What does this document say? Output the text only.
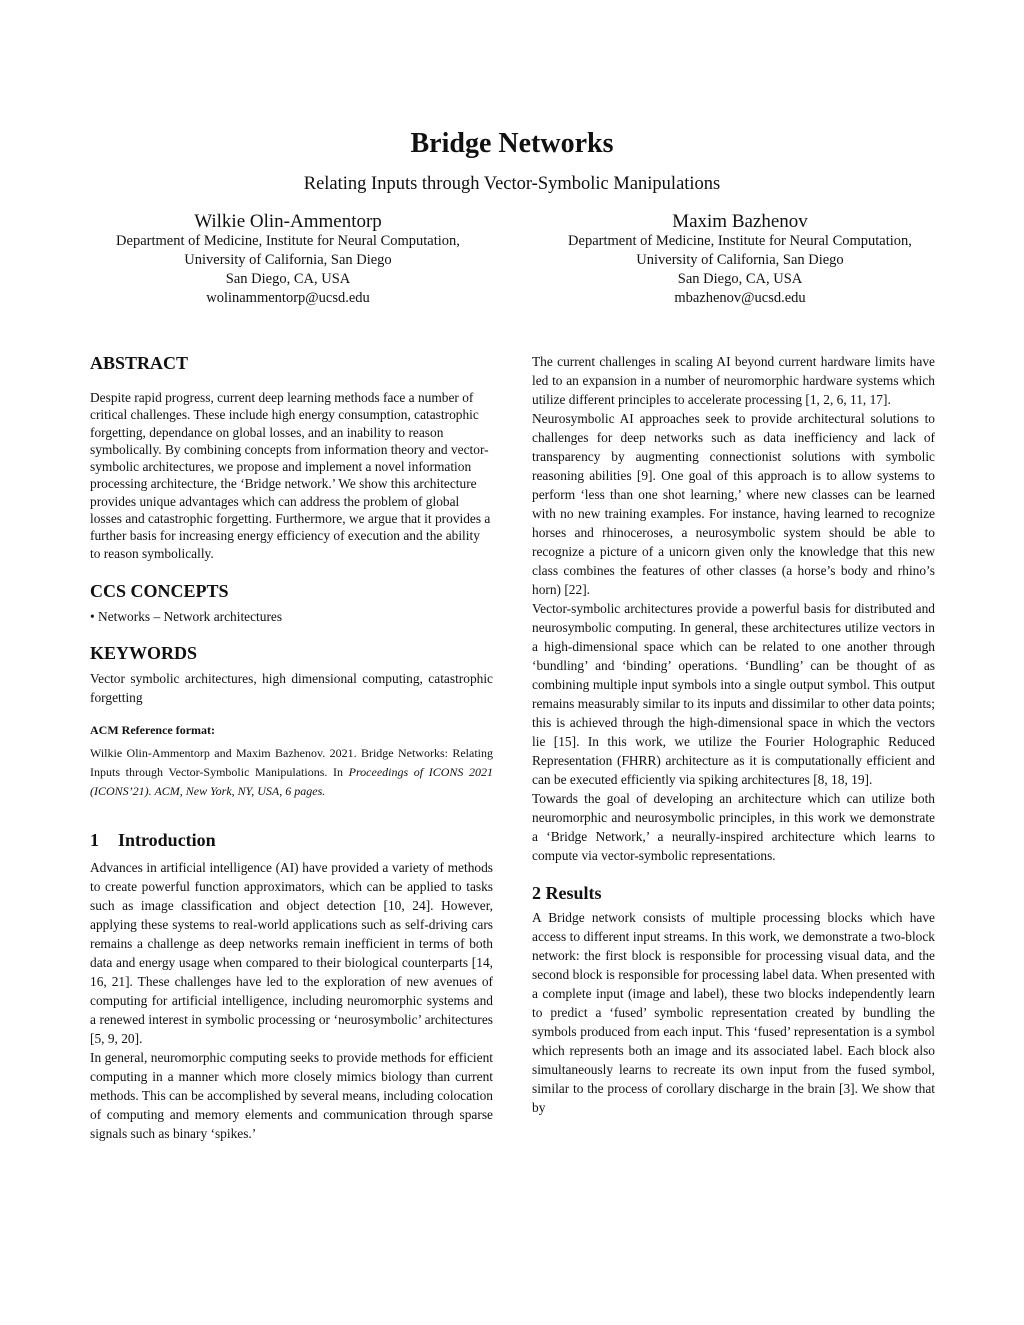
Bridge Networks
Relating Inputs through Vector-Symbolic Manipulations
Wilkie Olin-Ammentorp
Department of Medicine, Institute for Neural Computation,
University of California, San Diego
San Diego, CA, USA
wolinammentorp@ucsd.edu
Maxim Bazhenov
Department of Medicine, Institute for Neural Computation,
University of California, San Diego
San Diego, CA, USA
mbazhenov@ucsd.edu
ABSTRACT

Despite rapid progress, current deep learning methods face a number of critical challenges. These include high energy consumption, catastrophic forgetting, dependance on global losses, and an inability to reason symbolically. By combining concepts from information theory and vector-symbolic architectures, we propose and implement a novel information processing architecture, the ‘Bridge network.’ We show this architecture provides unique advantages which can address the problem of global losses and catastrophic forgetting. Furthermore, we argue that it provides a further basis for increasing energy efficiency of execution and the ability to reason symbolically.

CCS CONCEPTS

• Networks – Network architectures

KEYWORDS

Vector symbolic architectures, high dimensional computing, catastrophic forgetting

ACM Reference format:

Wilkie Olin-Ammentorp and Maxim Bazhenov. 2021. Bridge Networks: Relating Inputs through Vector-Symbolic Manipulations. In Proceedings of ICONS 2021 (ICONS’21). ACM, New York, NY, USA, 6 pages.

1	Introduction

Advances in artificial intelligence (AI) have provided a variety of methods to create powerful function approximators, which can be applied to tasks such as image classification and object detection [10, 24]. However, applying these systems to real-world applications such as self-driving cars remains a challenge as deep networks remain inefficient in terms of both data and energy usage when compared to their biological counterparts [14, 16, 21]. These challenges have led to the exploration of new avenues of computing for artificial intelligence, including neuromorphic systems and a renewed interest in symbolic processing or ‘neurosymbolic’ architectures [5, 9, 20].

In general, neuromorphic computing seeks to provide methods for efficient computing in a manner which more closely mimics biology than current methods. This can be accomplished by several means, including colocation of computing and memory elements and communication through sparse signals such as binary ‘spikes.’

The current challenges in scaling AI beyond current hardware limits have led to an expansion in a number of neuromorphic hardware systems which utilize different principles to accelerate processing [1, 2, 6, 11, 17].

Neurosymbolic AI approaches seek to provide architectural solutions to challenges for deep networks such as data inefficiency and lack of transparency by augmenting connectionist solutions with symbolic reasoning abilities [9]. One goal of this approach is to allow systems to perform ‘less than one shot learning,’ where new classes can be learned with no new training examples. For instance, having learned to recognize horses and rhinoceroses, a neurosymbolic system should be able to recognize a picture of a unicorn given only the knowledge that this new class combines the features of other classes (a horse’s body and rhino’s horn) [22].

Vector-symbolic architectures provide a powerful basis for distributed and neurosymbolic computing. In general, these architectures utilize vectors in a high-dimensional space which can be related to one another through ‘bundling’ and ‘binding’ operations. ‘Bundling’ can be thought of as combining multiple input symbols into a single output symbol. This output remains measurably similar to its inputs and dissimilar to other data points; this is achieved through the high-dimensional space in which the vectors lie [15]. In this work, we utilize the Fourier Holographic Reduced Representation (FHRR) architecture as it is computationally efficient and can be executed efficiently via spiking architectures [8, 18, 19].

Towards the goal of developing an architecture which can utilize both neuromorphic and neurosymbolic principles, in this work we demonstrate a ‘Bridge Network,’ a neurally-inspired architecture which learns to compute via vector-symbolic representations.

2 Results

A Bridge network consists of multiple processing blocks which have access to different input streams. In this work, we demonstrate a two-block network: the first block is responsible for processing visual data, and the second block is responsible for processing label data. When presented with a complete input (image and label), these two blocks independently learn to predict a ‘fused’ symbolic representation created by bundling the symbols produced from each input. This ‘fused’ representation is a symbol which represents both an image and its associated label. Each block also simultaneously learns to recreate its own input from the fused symbol, similar to the process of corollary discharge in the brain [3]. We show that by
